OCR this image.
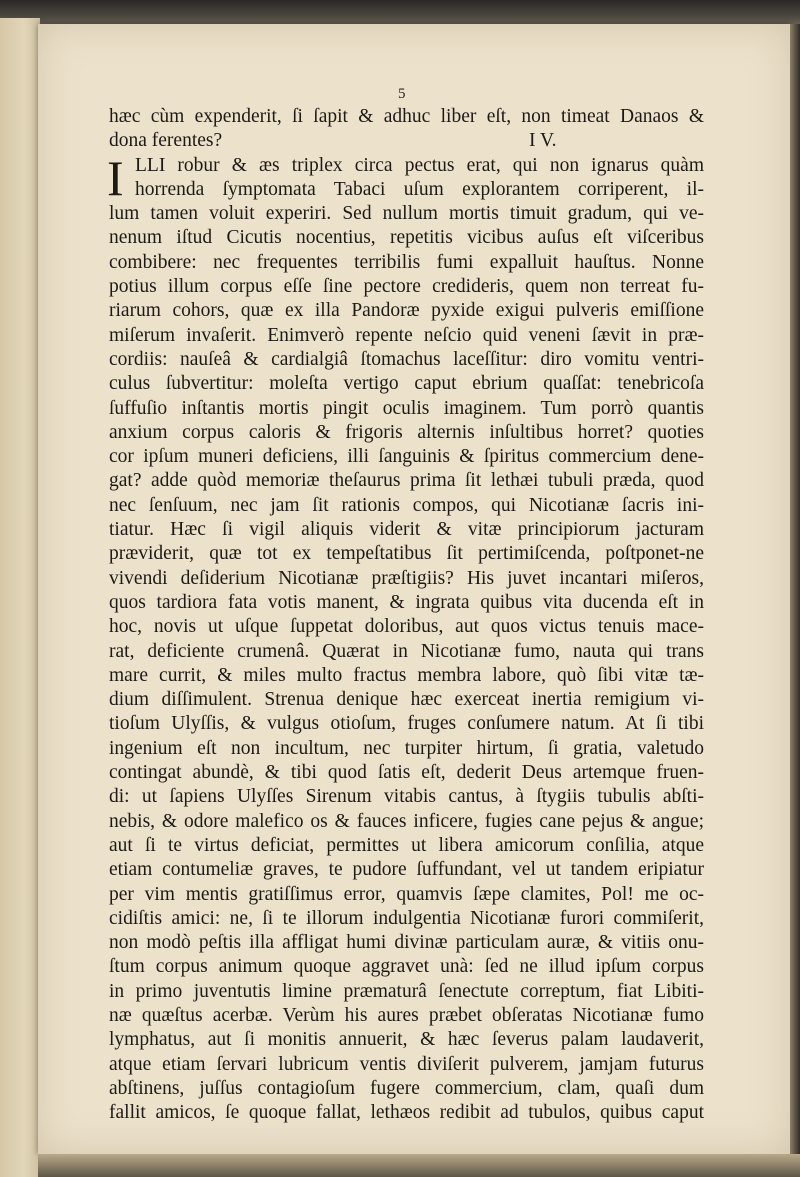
5
hæc cùm expenderit, ſi ſapit & adhuc liber eſt, non timeat Danaos &
dona ferentes?	I V.
I LLI robur & æs triplex circa pectus erat, qui non ignarus quàm
horrenda ſymptomata Tabaci uſum explorantem corriperent, il-
lum tamen voluit experiri. Sed nullum mortis timuit gradum, qui ve-
nenum iſtud Cicutis nocentius, repetitis vicibus auſus eſt viſceribus
combibere: nec frequentes terribilis fumi expalluit hauſtus. Nonne
potius illum corpus eſſe ſine pectore credideris, quem non terreat fu-
riarum cohors, quæ ex illa Pandoræ pyxide exigui pulveris emiſſione
miſerum invaſerit. Enimverò repente neſcio quid veneni ſævit in præ-
cordiis: nauſeâ & cardialgiâ ſtomachus laceſſitur: diro vomitu ventri-
culus ſubvertitur: moleſta vertigo caput ebrium quaſſat: tenebricoſa
ſuffuſio inſtantis mortis pingit oculis imaginem. Tum porrò quantis
anxium corpus caloris & frigoris alternis inſultibus horret? quoties
cor ipſum muneri deficiens, illi ſanguinis & ſpiritus commercium dene-
gat? adde quòd memoriæ theſaurus prima ſit lethæi tubuli præda, quod
nec ſenſuum, nec jam ſit rationis compos, qui Nicotianæ ſacris ini-
tiatur. Hæc ſi vigil aliquis viderit & vitæ principiorum jacturam
præviderit, quæ tot ex tempeſtatibus ſit pertimiſcenda, poſtponet-ne
vivendi deſiderium Nicotianæ præſtigiis? His juvet incantari miſeros,
quos tardiora fata votis manent, & ingrata quibus vita ducenda eſt in
hoc, novis ut uſque ſuppetat doloribus, aut quos victus tenuis mace-
rat, deficiente crumenâ. Quærat in Nicotianæ fumo, nauta qui trans
mare currit, & miles multo fractus membra labore, quò ſibi vitæ tæ-
dium diſſimulent. Strenua denique hæc exerceat inertia remigium vi-
tioſum Ulyſſis, & vulgus otioſum, fruges conſumere natum. At ſi tibi
ingenium eſt non incultum, nec turpiter hirtum, ſi gratia, valetudo
contingat abundè, & tibi quod ſatis eſt, dederit Deus artemque fruen-
di: ut ſapiens Ulyſſes Sirenum vitabis cantus, à ſtygiis tubulis abſti-
nebis, & odore malefico os & fauces inficere, fugies cane pejus & angue;
aut ſi te virtus deficiat, permittes ut libera amicorum conſilia, atque
etiam contumeliæ graves, te pudore ſuffundant, vel ut tandem eripiatur
per vim mentis gratiſſimus error, quamvis ſæpe clamites, Pol! me oc-
cidiſtis amici: ne, ſi te illorum indulgentia Nicotianæ furori commiſerit,
non modò peſtis illa affligat humi divinæ particulam auræ, & vitiis onu-
ſtum corpus animum quoque aggravet unà: ſed ne illud ipſum corpus
in primo juventutis limine præmaturâ ſenectute correptum, fiat Libiti-
næ quæſtus acerbæ. Verùm his aures præbet obſeratas Nicotianæ fumo
lymphatus, aut ſi monitis annuerit, & hæc ſeverus palam laudaverit,
atque etiam ſervari lubricum ventis diviſerit pulverem, jamjam futurus
abſtinens, juſſus contagioſum fugere commercium, clam, quaſi dum
fallit amicos, ſe quoque fallat, lethæos redibit ad tubulos, quibus caput
